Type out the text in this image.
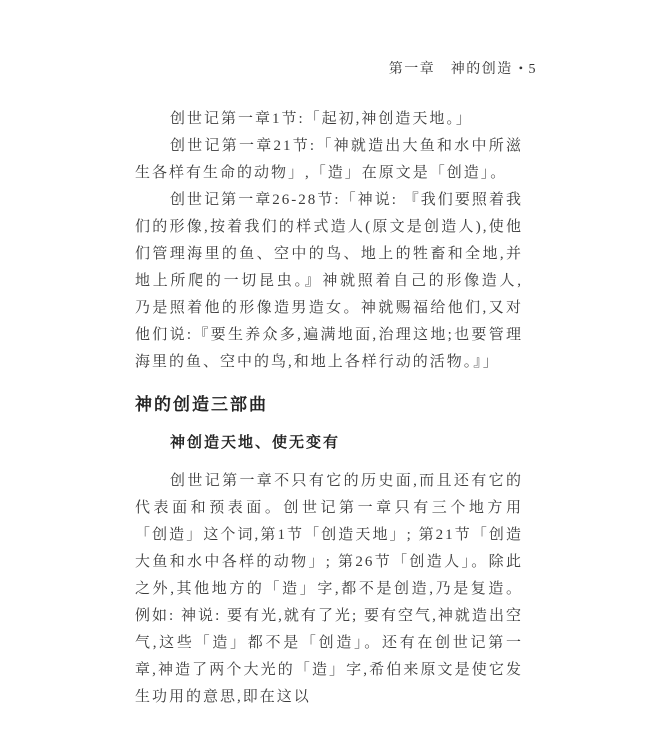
第一章　神的创造 • 5

创世记第一章1节:「起初,神创造天地。」

创世记第一章21节:「神就造出大鱼和水中所滋生各样有生命的动物」,「造」在原文是「创造」。

创世记第一章26-28节:「神说: 『我们要照着我们的形像,按着我们的样式造人(原文是创造人),使他们管理海里的鱼、空中的鸟、地上的牲畜和全地,并地上所爬的一切昆虫。』神就照着自己的形像造人,乃是照着他的形像造男造女。神就赐福给他们,又对他们说:『要生养众多,遍满地面,治理这地;也要管理海里的鱼、空中的鸟,和地上各样行动的活物。』」

神的创造三部曲
神创造天地、使无变有

创世记第一章不只有它的历史面,而且还有它的代表面和预表面。创世记第一章只有三个地方用「创造」这个词,第1节「创造天地」; 第21节「创造大鱼和水中各样的动物」; 第26节「创造人」。除此之外,其他地方的「造」字,都不是创造,乃是复造。例如: 神说: 要有光,就有了光; 要有空气,神就造出空气,这些「造」都不是「创造」。还有在创世记第一章,神造了两个大光的「造」字,希伯来原文是使它发生功用的意思,即在这以
